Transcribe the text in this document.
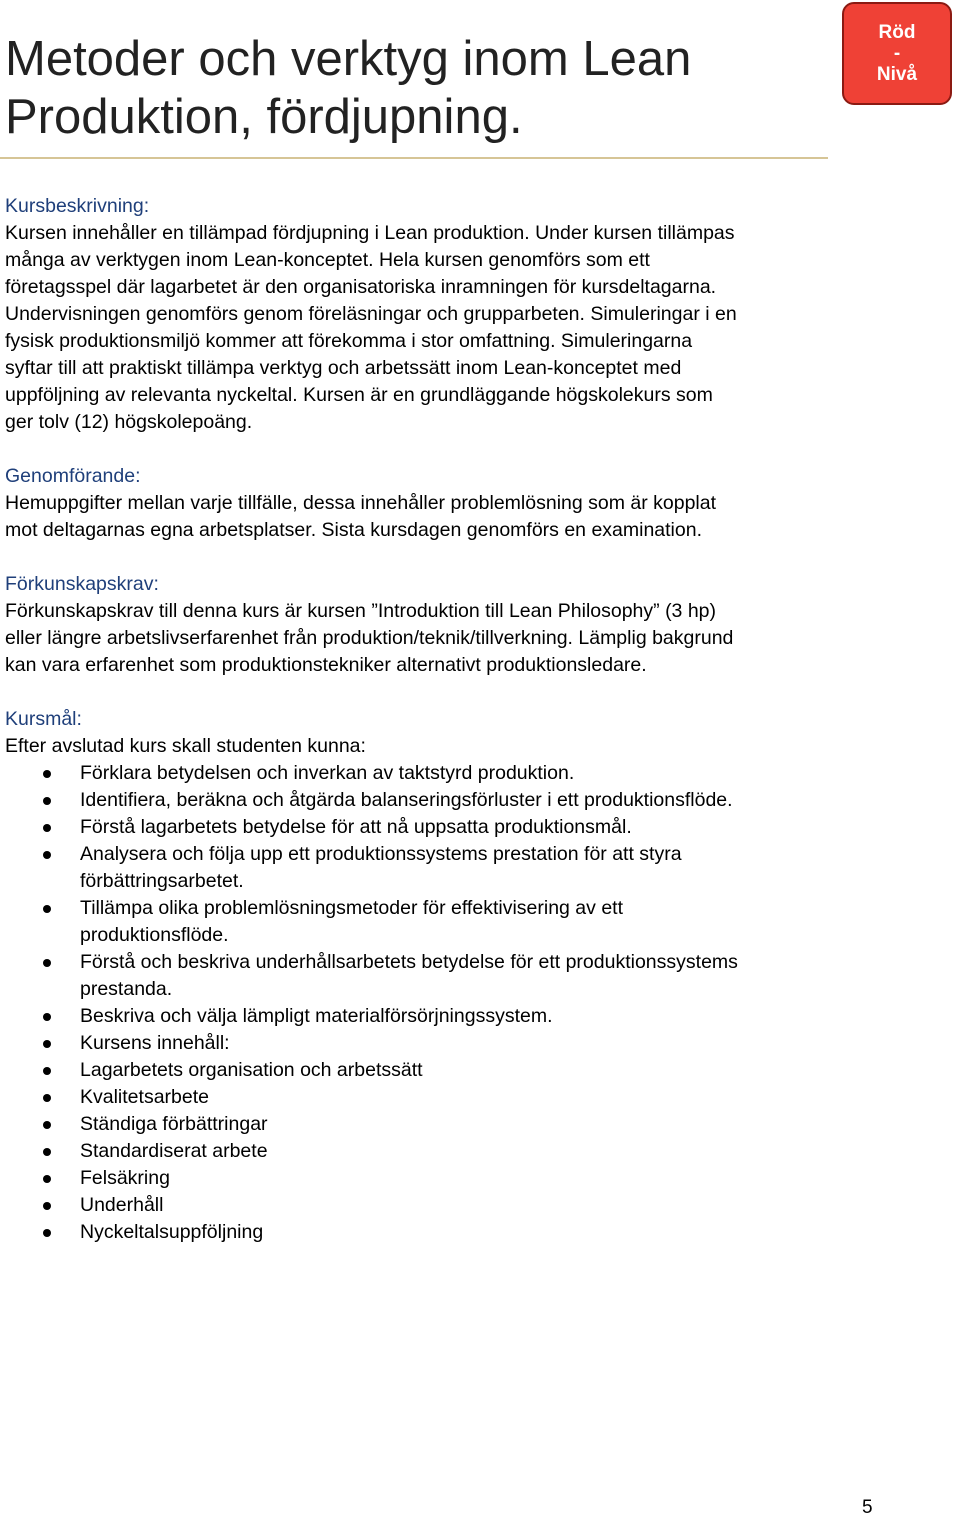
Metoder och verktyg inom Lean
Produktion, fördjupning.
Röd
-
Nivå
Kursbeskrivning:
Kursen innehåller en tillämpad fördjupning i Lean produktion. Under kursen tillämpas
många av verktygen inom Lean-konceptet. Hela kursen genomförs som ett
företagsspel där lagarbetet är den organisatoriska inramningen för kursdeltagarna.
Undervisningen genomförs genom föreläsningar och grupparbeten. Simuleringar i en
fysisk produktionsmiljö kommer att förekomma i stor omfattning. Simuleringarna
syftar till att praktiskt tillämpa verktyg och arbetssätt inom Lean-konceptet med
uppföljning av relevanta nyckeltal. Kursen är en grundläggande högskolekurs som
ger tolv (12) högskolepoäng.
Genomförande:
Hemuppgifter mellan varje tillfälle, dessa innehåller problemlösning som är kopplat
mot deltagarnas egna arbetsplatser. Sista kursdagen genomförs en examination.
Förkunskapskrav:
Förkunskapskrav till denna kurs är kursen ”Introduktion till Lean Philosophy” (3 hp)
eller längre arbetslivserfarenhet från produktion/teknik/tillverkning. Lämplig bakgrund
kan vara erfarenhet som produktionstekniker alternativt produktionsledare.
Kursmål:
Efter avslutad kurs skall studenten kunna:
Förklara betydelsen och inverkan av taktstyrd produktion.
Identifiera, beräkna och åtgärda balanseringsförluster i ett produktionsflöde.
Förstå lagarbetets betydelse för att nå uppsatta produktionsmål.
Analysera och följa upp ett produktionssystems prestation för att styra
förbättringsarbetet.
Tillämpa olika problemlösningsmetoder för effektivisering av ett
produktionsflöde.
Förstå och beskriva underhållsarbetets betydelse för ett produktionssystems
prestanda.
Beskriva och välja lämpligt materialförsörjningssystem.
Kursens innehåll:
Lagarbetets organisation och arbetssätt
Kvalitetsarbete
Ständiga förbättringar
Standardiserat arbete
Felsäkring
Underhåll
Nyckeltalsuppföljning
5
